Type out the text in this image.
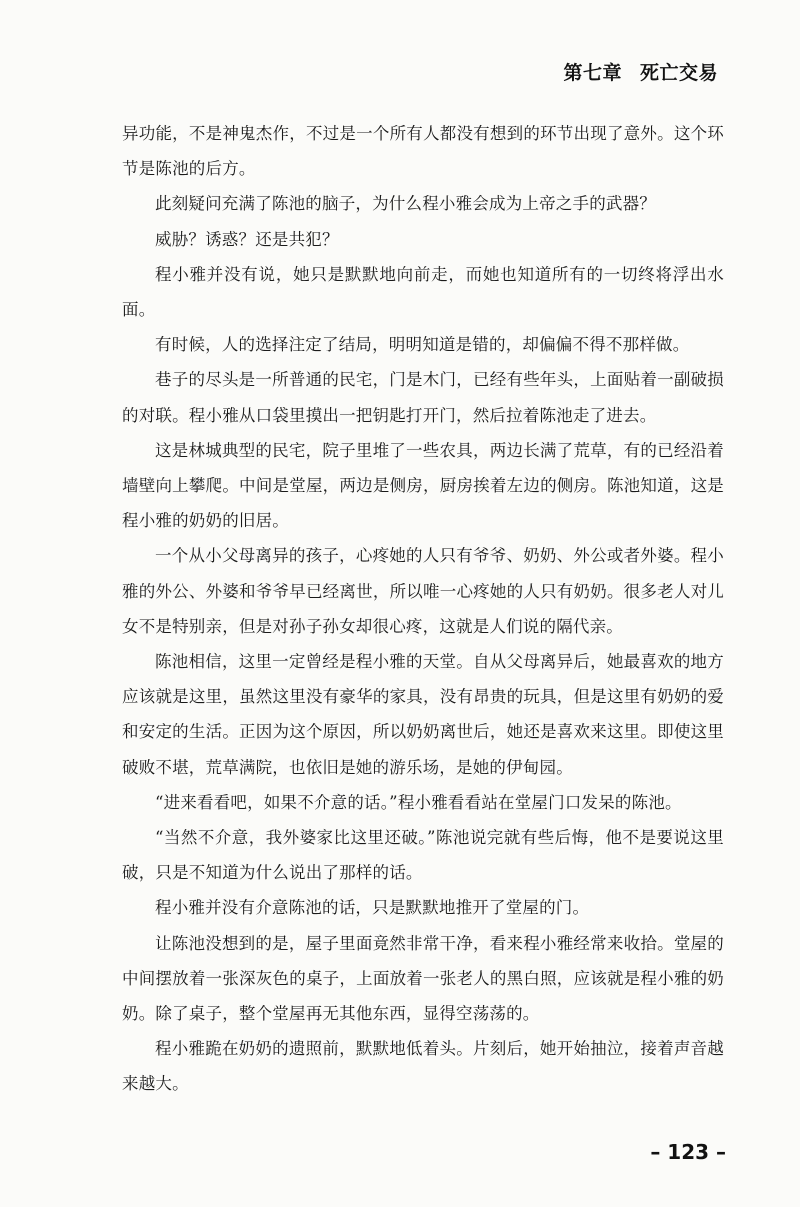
第七章 死亡交易

异功能，不是神鬼杰作，不过是一个所有人都没有想到的环节出现了意外。这个环节是陈池的后方。

此刻疑问充满了陈池的脑子，为什么程小雅会成为上帝之手的武器？

威胁？诱惑？还是共犯？

程小雅并没有说，她只是默默地向前走，而她也知道所有的一切终将浮出水面。

有时候，人的选择注定了结局，明明知道是错的，却偏偏不得不那样做。

巷子的尽头是一所普通的民宅，门是木门，已经有些年头，上面贴着一副破损的对联。程小雅从口袋里摸出一把钥匙打开门，然后拉着陈池走了进去。

这是林城典型的民宅，院子里堆了一些农具，两边长满了荒草，有的已经沿着墙壁向上攀爬。中间是堂屋，两边是侧房，厨房挨着左边的侧房。陈池知道，这是程小雅的奶奶的旧居。

一个从小父母离异的孩子，心疼她的人只有爷爷、奶奶、外公或者外婆。程小雅的外公、外婆和爷爷早已经离世，所以唯一心疼她的人只有奶奶。很多老人对儿女不是特别亲，但是对孙子孙女却很心疼，这就是人们说的隔代亲。

陈池相信，这里一定曾经是程小雅的天堂。自从父母离异后，她最喜欢的地方应该就是这里，虽然这里没有豪华的家具，没有昂贵的玩具，但是这里有奶奶的爱和安定的生活。正因为这个原因，所以奶奶离世后，她还是喜欢来这里。即使这里破败不堪，荒草满院，也依旧是她的游乐场，是她的伊甸园。

“进来看看吧，如果不介意的话。”程小雅看看站在堂屋门口发呆的陈池。

“当然不介意，我外婆家比这里还破。”陈池说完就有些后悔，他不是要说这里破，只是不知道为什么说出了那样的话。

程小雅并没有介意陈池的话，只是默默地推开了堂屋的门。

让陈池没想到的是，屋子里面竟然非常干净，看来程小雅经常来收拾。堂屋的中间摆放着一张深灰色的桌子，上面放着一张老人的黑白照，应该就是程小雅的奶奶。除了桌子，整个堂屋再无其他东西，显得空荡荡的。

程小雅跪在奶奶的遗照前，默默地低着头。片刻后，她开始抽泣，接着声音越来越大。

– 123 –
